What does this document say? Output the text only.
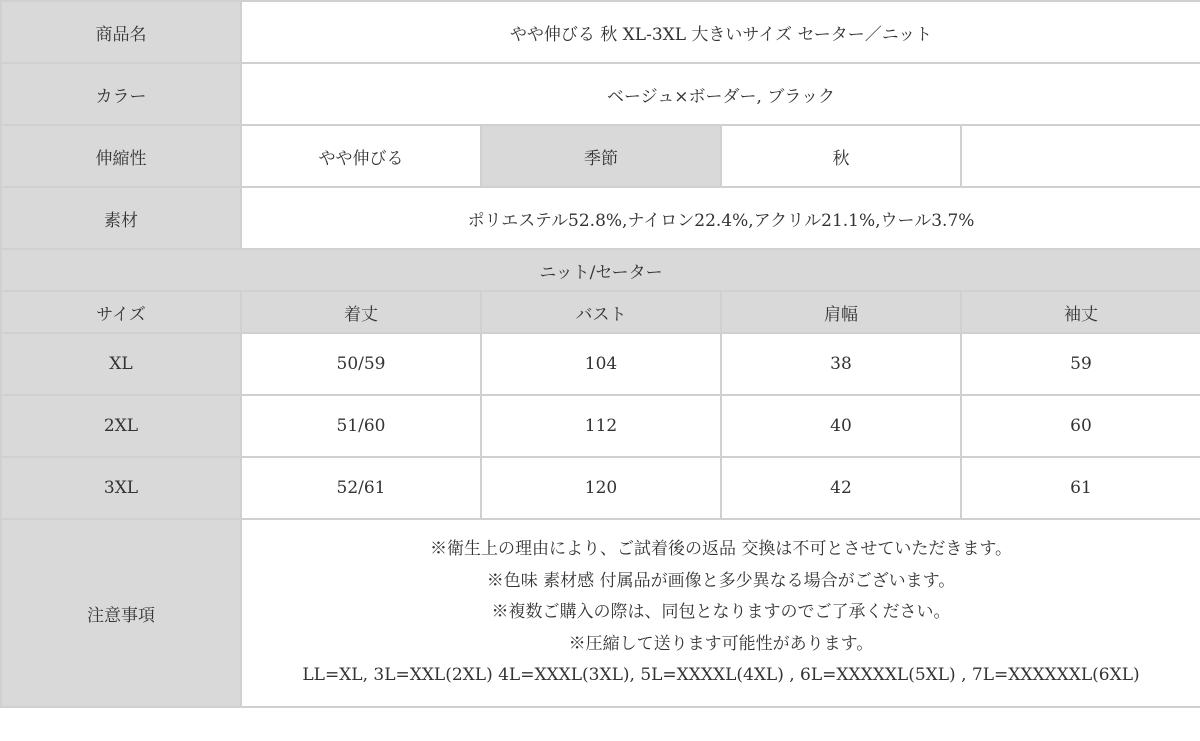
商品名	やや伸びる 秋 XL-3XL 大きいサイズ セーター／ニット			
カラー	ベージュ×ボーダー, ブラック			
伸縮性	やや伸びる	季節	秋	
素材	ポリエステル52.8%,ナイロン22.4%,アクリル21.1%,ウール3.7%			
ニット/セーター				
サイズ	着丈	バスト	肩幅	袖丈
XL	50/59	104	38	59
2XL	51/60	112	40	60
3XL	52/61	120	42	61
注意事項	※衛生上の理由により、ご試着後の返品 交換は不可とさせていただきます。
※色味 素材感 付属品が画像と多少異なる場合がございます。
※複数ご購入の際は、同包となりますのでご了承ください。
※圧縮して送ります可能性があります。
LL=XL, 3L=XXL(2XL) 4L=XXXL(3XL), 5L=XXXXL(4XL) , 6L=XXXXXL(5XL) , 7L=XXXXXXL(6XL)			
